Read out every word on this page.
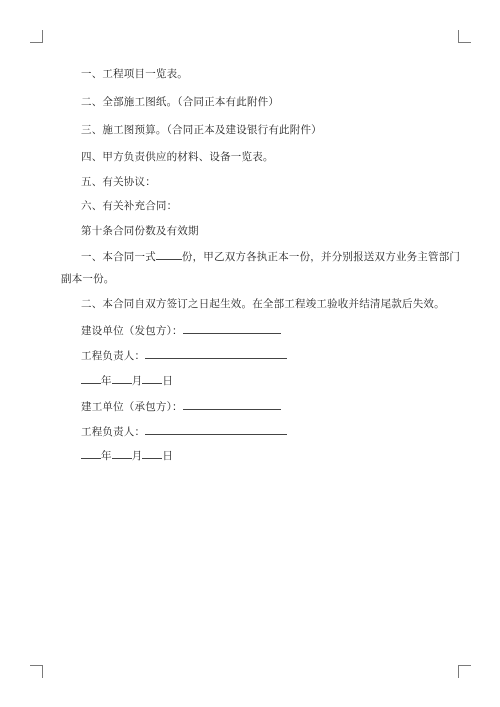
一、工程项目一览表。
二、全部施工图纸。（合同正本有此附件）
三、施工图预算。（合同正本及建设银行有此附件）
四、甲方负责供应的材料、设备一览表。
五、有关协议：
六、有关补充合同：
第十条合同份数及有效期
一、本合同一式 份，甲乙双方各执正本一份，并分别报送双方业务主管部门
副本一份。
二、本合同自双方签订之日起生效。在全部工程竣工验收并结清尾款后失效。
建设单位（发包方）：
工程负责人：
年 月 日
建工单位（承包方）：
工程负责人：
年 月 日
